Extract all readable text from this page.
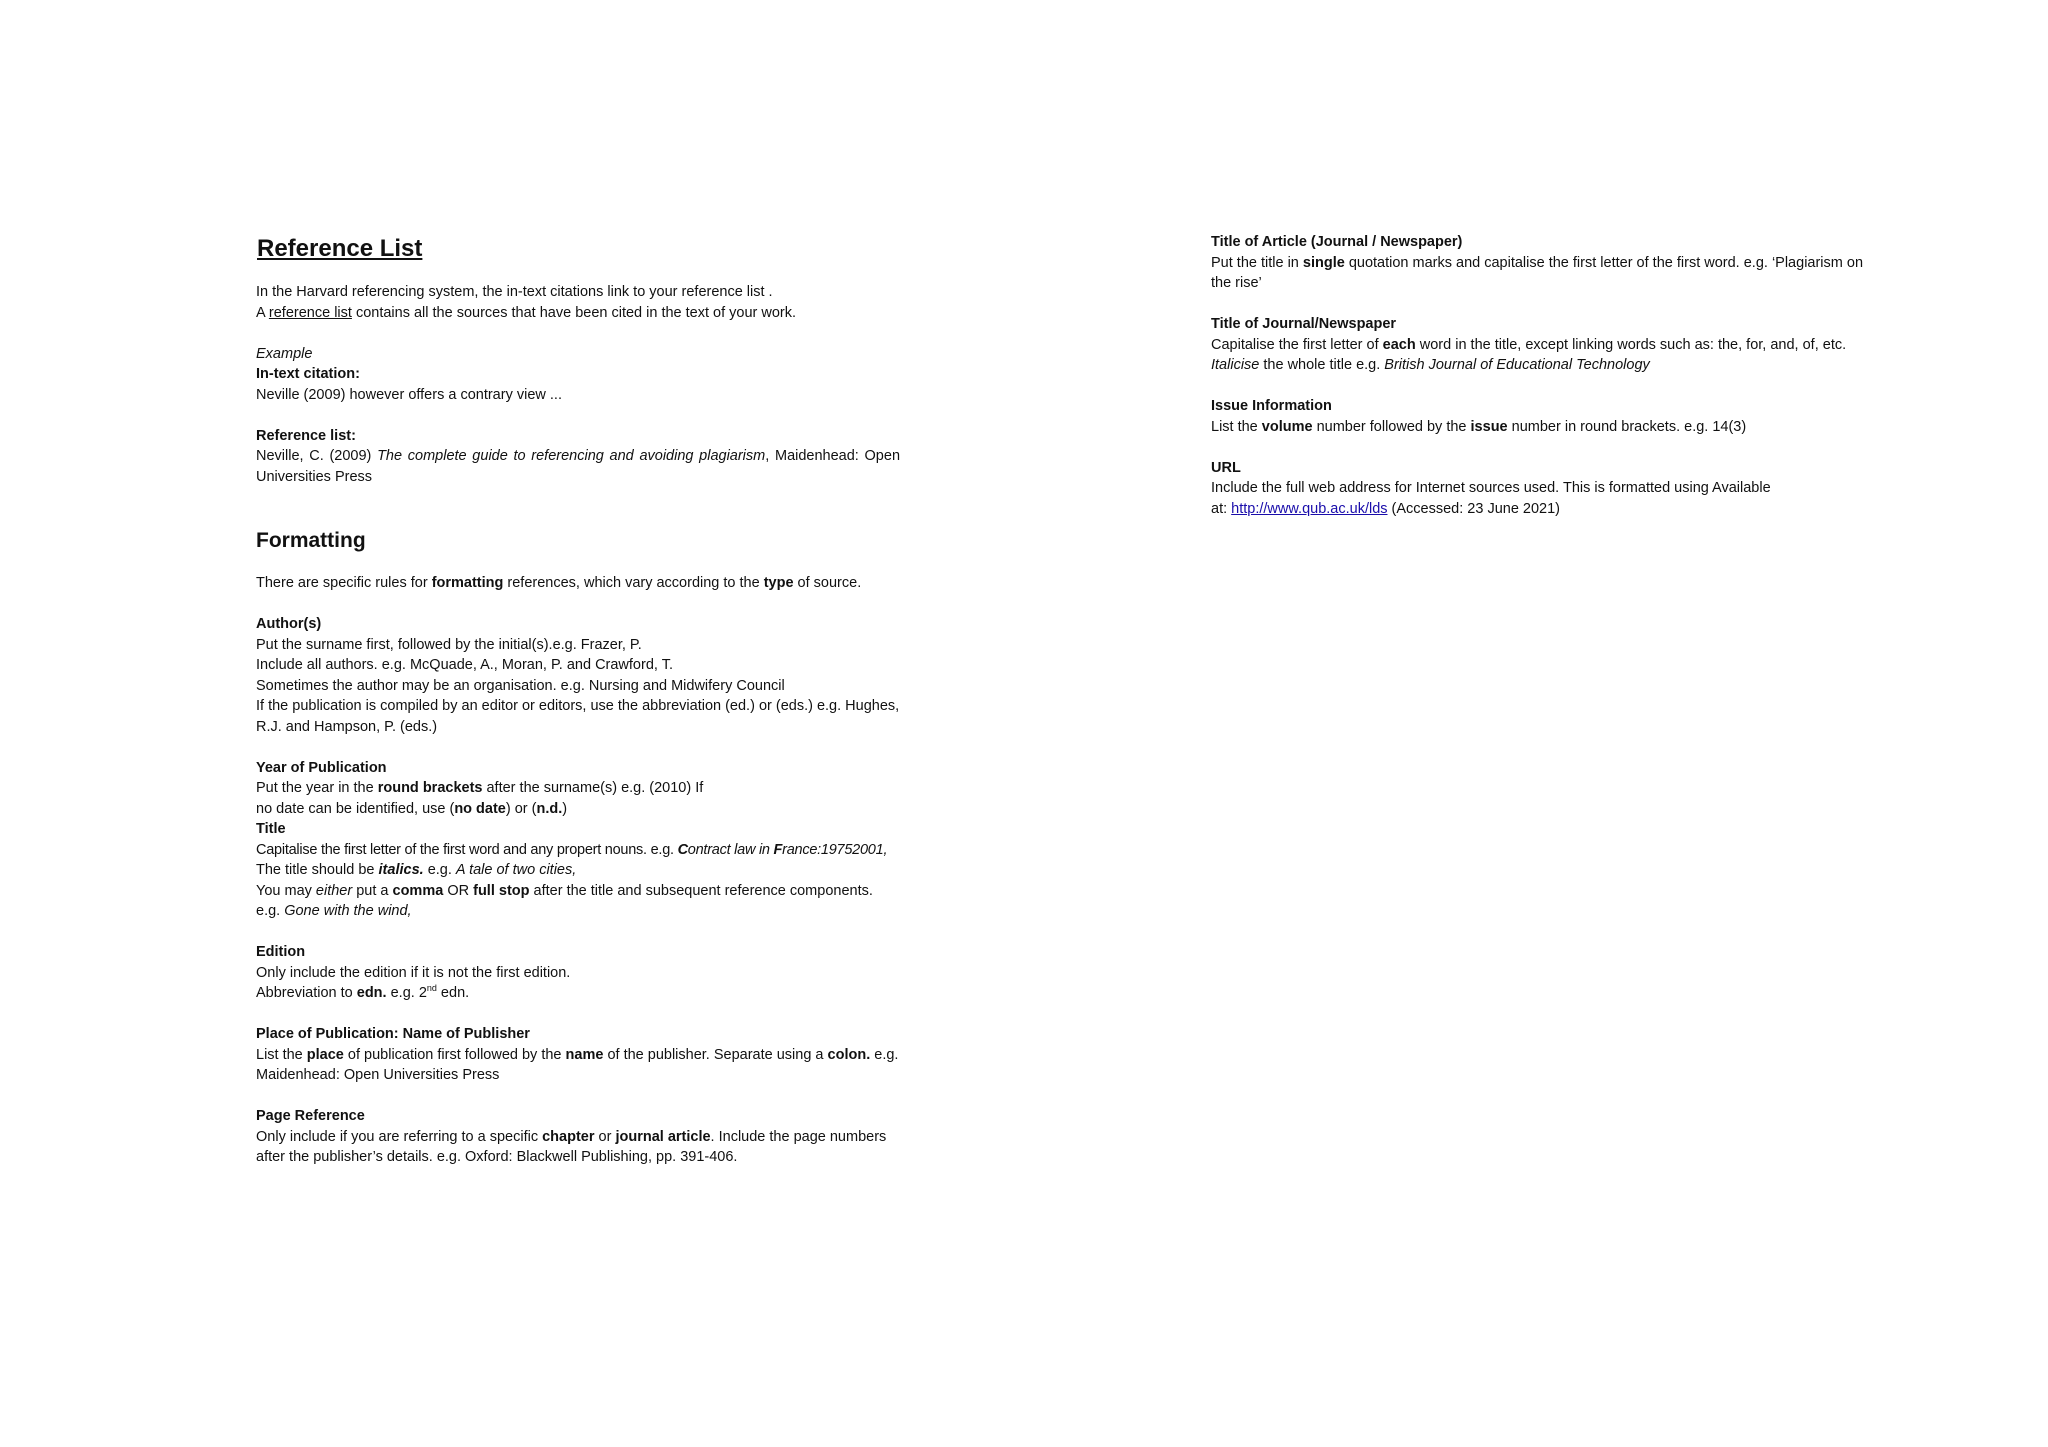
Reference List

In the Harvard referencing system, the in-text citations link to your reference list .

A reference list contains all the sources that have been cited in the text of your work.

Example

In-text citation:

Neville (2009) however offers a contrary view ...

Reference list:

Neville, C. (2009) The complete guide to referencing and avoiding plagiarism, Maidenhead: Open Universities Press

Formatting

There are specific rules for formatting references, which vary according to the type of source.

Author(s)

Put the surname first, followed by the initial(s).e.g. Frazer, P.

Include all authors. e.g. McQuade, A., Moran, P. and Crawford, T.

Sometimes the author may be an organisation. e.g. Nursing and Midwifery Council

If the publication is compiled by an editor or editors, use the abbreviation (ed.) or (eds.) e.g. Hughes, R.J. and Hampson, P. (eds.)

Year of Publication

Put the year in the round brackets after the surname(s) e.g. (2010) If

no date can be identified, use (no date) or (n.d.)

Title

Capitalise the first letter of the first word and any propert nouns. e.g. Contract law in France:19752001,

The title should be italics. e.g. A tale of two cities,

You may either put a comma OR full stop after the title and subsequent reference components. e.g. Gone with the wind,

Edition

Only include the edition if it is not the first edition.

Abbreviation to edn. e.g. 2nd edn.

Place of Publication: Name of Publisher

List the place of publication first followed by the name of the publisher. Separate using a colon. e.g. Maidenhead: Open Universities Press

Page Reference

Only include if you are referring to a specific chapter or journal article. Include the page numbers after the publisher’s details. e.g. Oxford: Blackwell Publishing, pp. 391-406.

Title of Article (Journal / Newspaper)

Put the title in single quotation marks and capitalise the first letter of the first word. e.g. ‘Plagiarism on the rise’

Title of Journal/Newspaper

Capitalise the first letter of each word in the title, except linking words such as: the, for, and, of, etc.

Italicise the whole title e.g. British Journal of Educational Technology

Issue Information

List the volume number followed by the issue number in round brackets. e.g. 14(3)

URL

Include the full web address for Internet sources used. This is formatted using Available

at: http://www.qub.ac.uk/lds (Accessed: 23 June 2021)
